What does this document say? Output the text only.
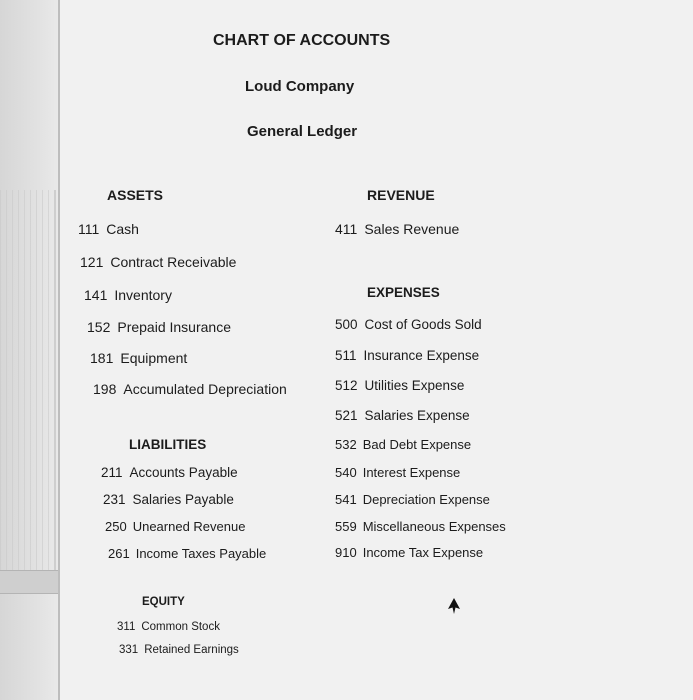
CHART OF ACCOUNTS
Loud Company
General Ledger
ASSETS
111 Cash
121 Contract Receivable
141 Inventory
152 Prepaid Insurance
181 Equipment
198 Accumulated Depreciation
LIABILITIES
211 Accounts Payable
231 Salaries Payable
250 Unearned Revenue
261 Income Taxes Payable
EQUITY
311 Common Stock
331 Retained Earnings
REVENUE
411 Sales Revenue
EXPENSES
500 Cost of Goods Sold
511 Insurance Expense
512 Utilities Expense
521 Salaries Expense
532 Bad Debt Expense
540 Interest Expense
541 Depreciation Expense
559 Miscellaneous Expenses
910 Income Tax Expense
